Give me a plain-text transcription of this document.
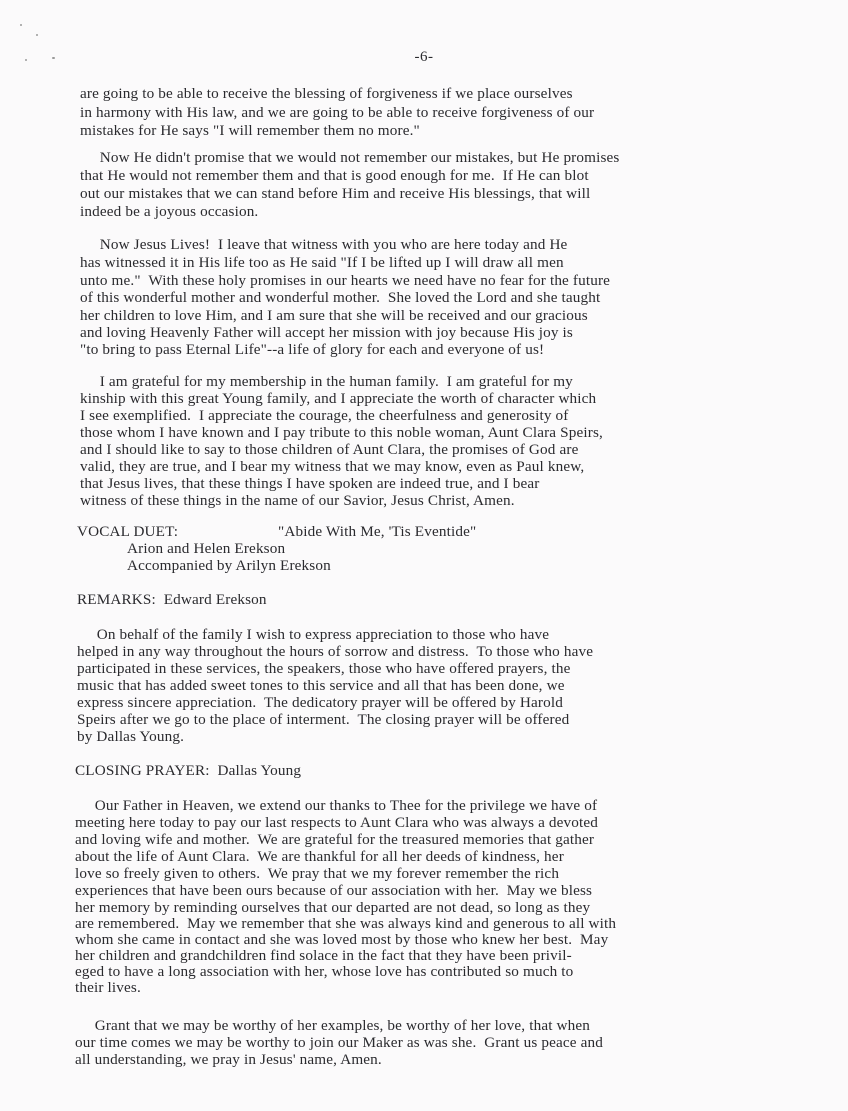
-6-
are going to be able to receive the blessing of forgiveness if we place ourselves
in harmony with His law, and we are going to be able to receive forgiveness of our
mistakes for He says "I will remember them no more."
Now He didn't promise that we would not remember our mistakes, but He promises
that He would not remember them and that is good enough for me.  If He can blot
out our mistakes that we can stand before Him and receive His blessings, that will
indeed be a joyous occasion.
Now Jesus Lives!  I leave that witness with you who are here today and He
has witnessed it in His life too as He said "If I be lifted up I will draw all men
unto me."  With these holy promises in our hearts we need have no fear for the future
of this wonderful mother and wonderful mother.  She loved the Lord and she taught
her children to love Him, and I am sure that she will be received and our gracious
and loving Heavenly Father will accept her mission with joy because His joy is
"to bring to pass Eternal Life"--a life of glory for each and everyone of us!
I am grateful for my membership in the human family.  I am grateful for my
kinship with this great Young family, and I appreciate the worth of character which
I see exemplified.  I appreciate the courage, the cheerfulness and generosity of
those whom I have known and I pay tribute to this noble woman, Aunt Clara Speirs,
and I should like to say to those children of Aunt Clara, the promises of God are
valid, they are true, and I bear my witness that we may know, even as Paul knew,
that Jesus lives, that these things I have spoken are indeed true, and I bear
witness of these things in the name of our Savior, Jesus Christ, Amen.
VOCAL DUET:	"Abide With Me, 'Tis Eventide"
Arion and Helen Erekson
Accompanied by Arilyn Erekson
REMARKS:  Edward Erekson
On behalf of the family I wish to express appreciation to those who have
helped in any way throughout the hours of sorrow and distress.  To those who have
participated in these services, the speakers, those who have offered prayers, the
music that has added sweet tones to this service and all that has been done, we
express sincere appreciation.  The dedicatory prayer will be offered by Harold
Speirs after we go to the place of interment.  The closing prayer will be offered
by Dallas Young.
CLOSING PRAYER:  Dallas Young
Our Father in Heaven, we extend our thanks to Thee for the privilege we have of
meeting here today to pay our last respects to Aunt Clara who was always a devoted
and loving wife and mother.  We are grateful for the treasured memories that gather
about the life of Aunt Clara.  We are thankful for all her deeds of kindness, her
love so freely given to others.  We pray that we my forever remember the rich
experiences that have been ours because of our association with her.  May we bless
her memory by reminding ourselves that our departed are not dead, so long as they
are remembered.  May we remember that she was always kind and generous to all with
whom she came in contact and she was loved most by those who knew her best.  May
her children and grandchildren find solace in the fact that they have been privil-
eged to have a long association with her, whose love has contributed so much to
their lives.
Grant that we may be worthy of her examples, be worthy of her love, that when
our time comes we may be worthy to join our Maker as was she.  Grant us peace and
all understanding, we pray in Jesus' name, Amen.
